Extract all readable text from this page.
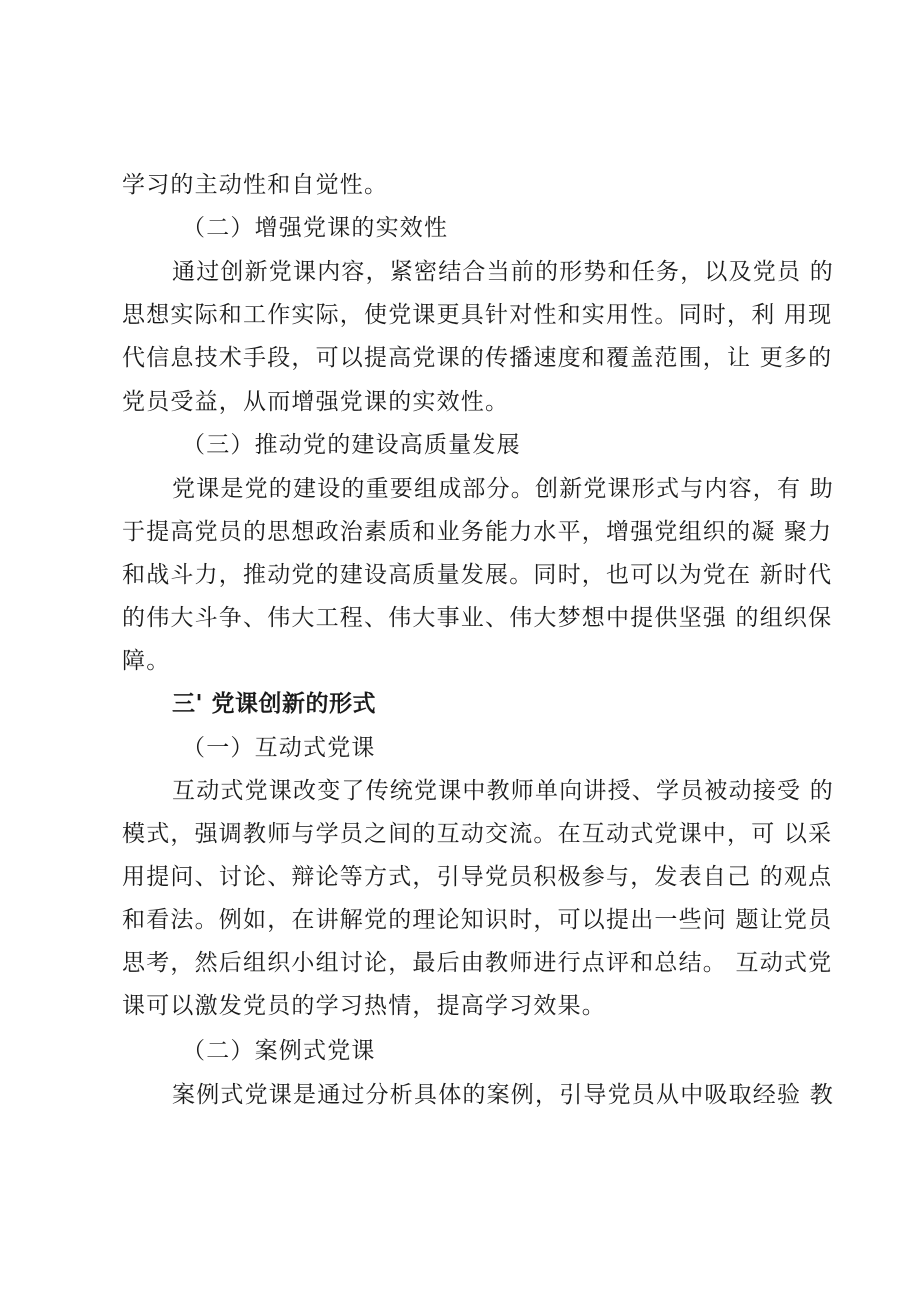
学习的主动性和自觉性。
（二）增强党课的实效性
通过创新党课内容，紧密结合当前的形势和任务，以及党员 的
思想实际和工作实际，使党课更具针对性和实用性。同时，利 用现
代信息技术手段，可以提高党课的传播速度和覆盖范围，让 更多的
党员受益，从而增强党课的实效性。
（三）推动党的建设高质量发展
党课是党的建设的重要组成部分。创新党课形式与内容，有 助
于提高党员的思想政治素质和业务能力水平，增强党组织的凝 聚力
和战斗力，推动党的建设高质量发展。同时，也可以为党在 新时代
的伟大斗争、伟大工程、伟大事业、伟大梦想中提供坚强 的组织保
障。
三' 党课创新的形式
（一）互动式党课
互动式党课改变了传统党课中教师单向讲授、学员被动接受 的
模式，强调教师与学员之间的互动交流。在互动式党课中，可 以采
用提问、讨论、辩论等方式，引导党员积极参与，发表自己 的观点
和看法。例如，在讲解党的理论知识时，可以提出一些问 题让党员
思考，然后组织小组讨论，最后由教师进行点评和总结。 互动式党
课可以激发党员的学习热情，提高学习效果。
（二）案例式党课
案例式党课是通过分析具体的案例，引导党员从中吸取经验 教
